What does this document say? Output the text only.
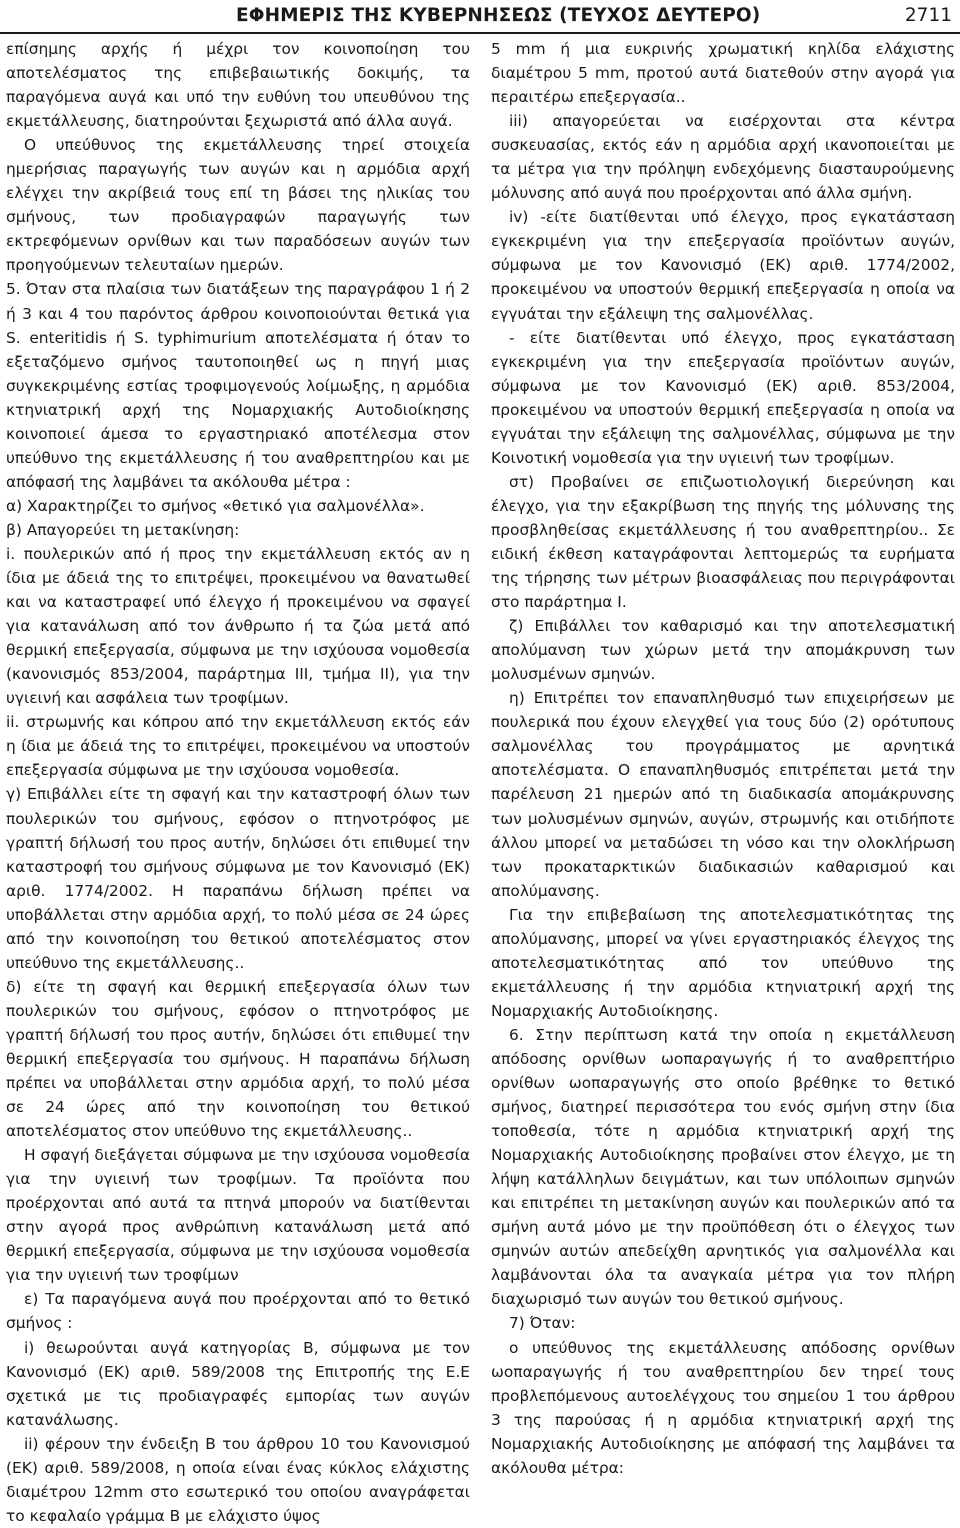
ΕΦΗΜΕΡΙΣ ΤΗΣ ΚΥΒΕΡΝΗΣΕΩΣ (ΤΕΥΧΟΣ ΔΕΥΤΕΡΟ)	2711

επίσημης αρχής ή μέχρι τον κοινοποίηση του αποτελέσματος της επιβεβαιωτικής δοκιμής, τα παραγόμενα αυγά και υπό την ευθύνη του υπευθύνου της εκμετάλλευσης, διατηρούνται ξεχωριστά από άλλα αυγά.

Ο υπεύθυνος της εκμετάλλευσης τηρεί στοιχεία ημερήσιας παραγωγής των αυγών και η αρμόδια αρχή ελέγχει την ακρίβειά τους επί τη βάσει της ηλικίας του σμήνους, των προδιαγραφών παραγωγής των εκτρεφόμενων ορνίθων και των παραδόσεων αυγών των προηγούμενων τελευταίων ημερών.

5. Όταν στα πλαίσια των διατάξεων της παραγράφου 1 ή 2 ή 3 και 4 του παρόντος άρθρου κοινοποιούνται θετικά για S. enteritidis ή S. typhimurium αποτελέσματα ή όταν το εξεταζόμενο σμήνος ταυτοποιηθεί ως η πηγή μιας συγκεκριμένης εστίας τροφιμογενούς λοίμωξης, η αρμόδια κτηνιατρική αρχή της Νομαρχιακής Αυτοδιοίκησης κοινοποιεί άμεσα το εργαστηριακό αποτέλεσμα στον υπεύθυνο της εκμετάλλευσης ή του αναθρεπτηρίου και με απόφασή της λαμβάνει τα ακόλουθα μέτρα :

α) Χαρακτηρίζει το σμήνος «θετικό για σαλμονέλλα».

β) Απαγορεύει τη μετακίνηση:

i. πουλερικών από ή προς την εκμετάλλευση εκτός αν η ίδια με άδειά της το επιτρέψει, προκειμένου να θανατωθεί και να καταστραφεί υπό έλεγχο ή προκειμένου να σφαγεί για κατανάλωση από τον άνθρωπο ή τα ζώα μετά από θερμική επεξεργασία, σύμφωνα με την ισχύουσα νομοθεσία (κανονισμός 853/2004, παράρτημα ΙΙΙ, τμήμα ΙΙ), για την υγιεινή και ασφάλεια των τροφίμων.

ii. στρωμνής και κόπρου από την εκμετάλλευση εκτός εάν η ίδια με άδειά της το επιτρέψει, προκειμένου να υποστούν επεξεργασία σύμφωνα με την ισχύουσα νομοθεσία.

γ) Επιβάλλει είτε τη σφαγή και την καταστροφή όλων των πουλερικών του σμήνους, εφόσον ο πτηνοτρόφος με γραπτή δήλωσή του προς αυτήν, δηλώσει ότι επιθυμεί την καταστροφή του σμήνους σύμφωνα με τον Κανονισμό (ΕΚ) αριθ. 1774/2002. Η παραπάνω δήλωση πρέπει να υποβάλλεται στην αρμόδια αρχή, το πολύ μέσα σε 24 ώρες από την κοινοποίηση του θετικού αποτελέσματος στον υπεύθυνο της εκμετάλλευσης..

δ) είτε τη σφαγή και θερμική επεξεργασία όλων των πουλερικών του σμήνους, εφόσον ο πτηνοτρόφος με γραπτή δήλωσή του προς αυτήν, δηλώσει ότι επιθυμεί την θερμική επεξεργασία του σμήνους. Η παραπάνω δήλωση πρέπει να υποβάλλεται στην αρμόδια αρχή, το πολύ μέσα σε 24 ώρες από την κοινοποίηση του θετικού αποτελέσματος στον υπεύθυνο της εκμετάλλευσης..

Η σφαγή διεξάγεται σύμφωνα με την ισχύουσα νομοθεσία για την υγιεινή των τροφίμων. Τα προϊόντα που προέρχονται από αυτά τα πτηνά μπορούν να διατίθενται στην αγορά προς ανθρώπινη κατανάλωση μετά από θερμική επεξεργασία, σύμφωνα με την ισχύουσα νομοθεσία για την υγιεινή των τροφίμων

ε) Τα παραγόμενα αυγά που προέρχονται από το θετικό σμήνος :

i) θεωρούνται αυγά κατηγορίας Β, σύμφωνα με τον Κανονισμό (ΕΚ) αριθ. 589/2008 της Επιτροπής της Ε.Ε σχετικά με τις προδιαγραφές εμπορίας των αυγών κατανάλωσης.

ii) φέρουν την ένδειξη Β του άρθρου 10 του Κανονισμού (ΕΚ) αριθ. 589/2008, η οποία είναι ένας κύκλος ελάχιστης διαμέτρου 12mm στο εσωτερικό του οποίου αναγράφεται το κεφαλαίο γράμμα Β με ελάχιστο ύψος

5 mm ή μια ευκρινής χρωματική κηλίδα ελάχιστης διαμέτρου 5 mm, προτού αυτά διατεθούν στην αγορά για περαιτέρω επεξεργασία..

iii) απαγορεύεται να εισέρχονται στα κέντρα συσκευασίας, εκτός εάν η αρμόδια αρχή ικανοποιείται με τα μέτρα για την πρόληψη ενδεχόμενης διασταυρούμενης μόλυνσης από αυγά που προέρχονται από άλλα σμήνη.

iv) -είτε διατίθενται υπό έλεγχο, προς εγκατάσταση εγκεκριμένη για την επεξεργασία προϊόντων αυγών, σύμφωνα με τον Κανονισμό (ΕΚ) αριθ. 1774/2002, προκειμένου να υποστούν θερμική επεξεργασία η οποία να εγγυάται την εξάλειψη της σαλμονέλλας.

- είτε διατίθενται υπό έλεγχο, προς εγκατάσταση εγκεκριμένη για την επεξεργασία προϊόντων αυγών, σύμφωνα με τον Κανονισμό (ΕΚ) αριθ. 853/2004, προκειμένου να υποστούν θερμική επεξεργασία η οποία να εγγυάται την εξάλειψη της σαλμονέλλας, σύμφωνα με την Κοινοτική νομοθεσία για την υγιεινή των τροφίμων.

στ) Προβαίνει σε επιζωοτιολογική διερεύνηση και έλεγχο, για την εξακρίβωση της πηγής της μόλυνσης της προσβληθείσας εκμετάλλευσης ή του αναθρεπτηρίου.. Σε ειδική έκθεση καταγράφονται λεπτομερώς τα ευρήματα της τήρησης των μέτρων βιοασφάλειας που περιγράφονται στο παράρτημα Ι.

ζ) Επιβάλλει τον καθαρισμό και την αποτελεσματική απολύμανση των χώρων μετά την απομάκρυνση των μολυσμένων σμηνών.

η) Επιτρέπει τον επαναπληθυσμό των επιχειρήσεων με πουλερικά που έχουν ελεγχθεί για τους δύο (2) ορότυπους σαλμονέλλας του προγράμματος με αρνητικά αποτελέσματα. Ο επαναπληθυσμός επιτρέπεται μετά την παρέλευση 21 ημερών από τη διαδικασία απομάκρυνσης των μολυσμένων σμηνών, αυγών, στρωμνής και οτιδήποτε άλλου μπορεί να μεταδώσει τη νόσο και την ολοκλήρωση των προκαταρκτικών διαδικασιών καθαρισμού και απολύμανσης.

Για την επιβεβαίωση της αποτελεσματικότητας της απολύμανσης, μπορεί να γίνει εργαστηριακός έλεγχος της αποτελεσματικότητας από τον υπεύθυνο της εκμετάλλευσης ή την αρμόδια κτηνιατρική αρχή της Νομαρχιακής Αυτοδιοίκησης.

6. Στην περίπτωση κατά την οποία η εκμετάλλευση απόδοσης ορνίθων ωοπαραγωγής ή το αναθρεπτήριο ορνίθων ωοπαραγωγής στο οποίο βρέθηκε το θετικό σμήνος, διατηρεί περισσότερα του ενός σμήνη στην ίδια τοποθεσία, τότε η αρμόδια κτηνιατρική αρχή της Νομαρχιακής Αυτοδιοίκησης προβαίνει στον έλεγχο, με τη λήψη κατάλληλων δειγμάτων, και των υπόλοιπων σμηνών και επιτρέπει τη μετακίνηση αυγών και πουλερικών από τα σμήνη αυτά μόνο με την προϋπόθεση ότι ο έλεγχος των σμηνών αυτών απεδείχθη αρνητικός για σαλμονέλλα και λαμβάνονται όλα τα αναγκαία μέτρα για τον πλήρη διαχωρισμό των αυγών του θετικού σμήνους.

7) Όταν:

ο υπεύθυνος της εκμετάλλευσης απόδοσης ορνίθων ωοπαραγωγής ή του αναθρεπτηρίου δεν τηρεί τους προβλεπόμενους αυτοελέγχους του σημείου 1 του άρθρου 3 της παρούσας ή η αρμόδια κτηνιατρική αρχή της Νομαρχιακής Αυτοδιοίκησης με απόφασή της λαμβάνει τα ακόλουθα μέτρα:
